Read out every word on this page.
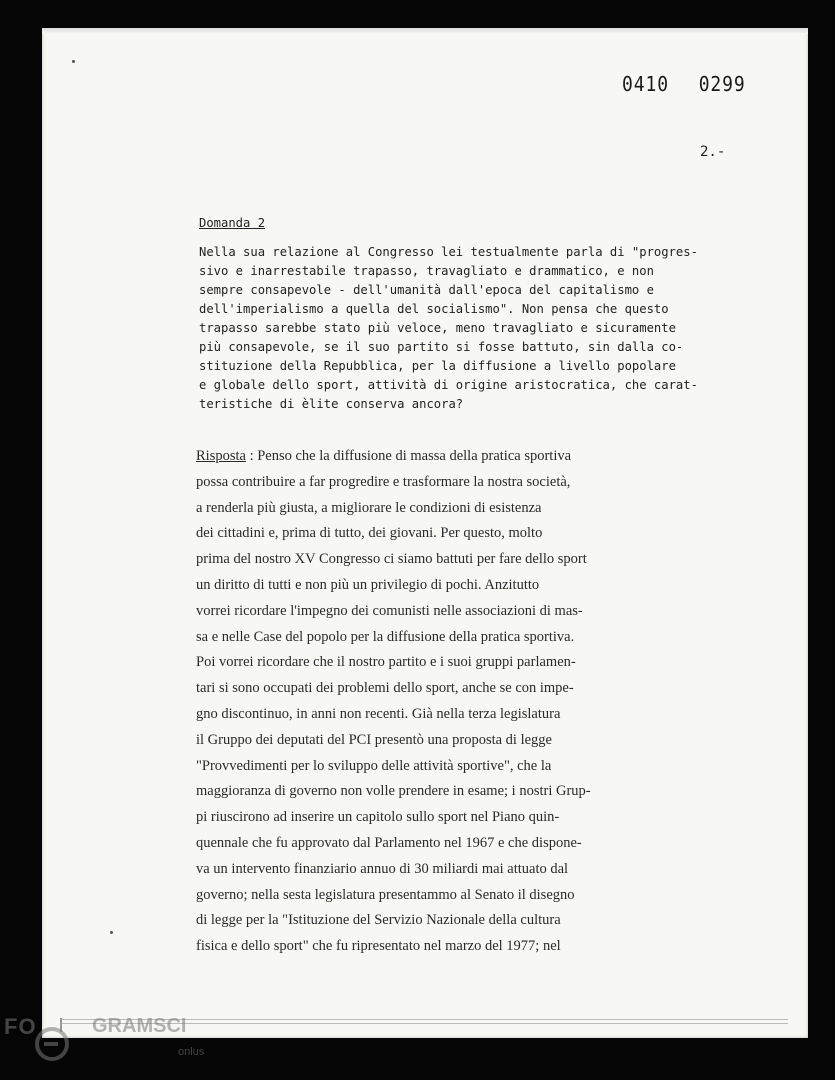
0410 0299
2.-
Domanda 2
Nella sua relazione al Congresso lei testualmente parla di "progres-
sivo e inarrestabile trapasso, travagliato e drammatico, e non
sempre consapevole - dell'umanità dall'epoca del capitalismo e
dell'imperialismo a quella del socialismo". Non pensa che questo
trapasso sarebbe stato più veloce, meno travagliato e sicuramente
più consapevole, se il suo partito si fosse battuto, sin dalla co-
stituzione della Repubblica, per la diffusione a livello popolare
e globale dello sport, attività di origine aristocratica, che carat-
teristiche di èlite conserva ancora?
Risposta : Penso che la diffusione di massa della pratica sportiva
possa contribuire a far progredire e trasformare la nostra società,
a renderla più giusta, a migliorare le condizioni di esistenza
dei cittadini e, prima di tutto, dei giovani. Per questo, molto
prima del nostro XV Congresso ci siamo battuti per fare dello sport
un diritto di tutti e non più un privilegio di pochi. Anzitutto
vorrei ricordare l'impegno dei comunisti nelle associazioni di mas-
sa e nelle Case del popolo per la diffusione della pratica sportiva.
Poi vorrei ricordare che il nostro partito e i suoi gruppi parlamen-
tari si sono occupati dei problemi dello sport, anche se con impe-
gno discontinuo, in anni non recenti. Già nella terza legislatura
il Gruppo dei deputati del PCI presentò una proposta di legge
"Provvedimenti per lo sviluppo delle attività sportive", che la
maggioranza di governo non volle prendere in esame; i nostri Grup-
pi riuscirono ad inserire un capitolo sullo sport nel Piano quin-
quennale che fu approvato dal Parlamento nel 1967 e che dispone-
va un intervento finanziario annuo di 30 miliardi mai attuato dal
governo; nella sesta legislatura presentammo al Senato il disegno
di legge per la "Istituzione del Servizio Nazionale della cultura
fisica e dello sport" che fu ripresentato nel marzo del 1977; nel
FO	GRAMSCI
onlus
